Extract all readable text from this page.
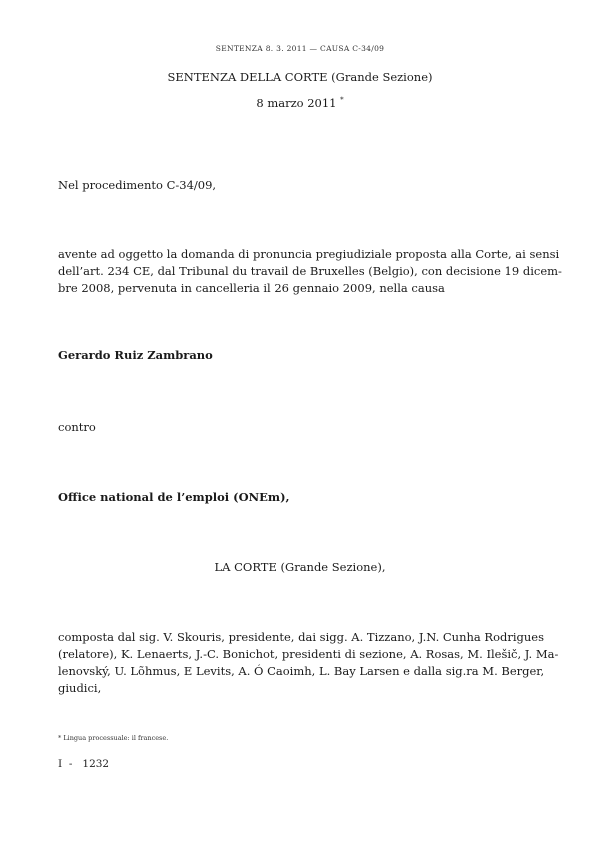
SENTENZA 8. 3. 2011 — CAUSA C-34/09
SENTENZA DELLA CORTE (Grande Sezione)
8 marzo 2011 *
Nel procedimento C-34/09,
avente ad oggetto la domanda di pronuncia pregiudiziale proposta alla Corte, ai sensi
dell’art. 234 CE, dal Tribunal du travail de Bruxelles (Belgio), con decisione 19 dicem-
bre 2008, pervenuta in cancelleria il 26 gennaio 2009, nella causa
Gerardo Ruiz Zambrano
contro
Office national de l’emploi (ONEm),
LA CORTE (Grande Sezione),
composta dal sig. V. Skouris, presidente, dai sigg. A. Tizzano, J.N. Cunha Rodrigues
(relatore), K. Lenaerts, J.-C. Bonichot, presidenti di sezione, A. Rosas, M. Ilešič, J. Ma-
lenovský, U. Lõhmus, E Levits, A. Ó Caoimh, L. Bay Larsen e dalla sig.ra M. Berger,
giudici,
* Lingua processuale: il francese.
I  -   1232
